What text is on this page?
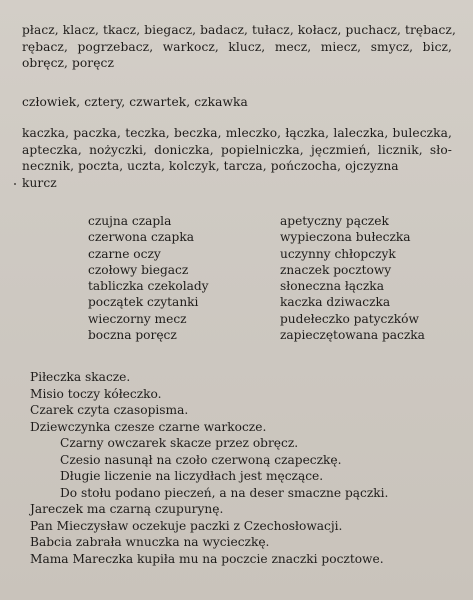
płacz, klacz, tkacz, biegacz, badacz, tułacz, kołacz, puchacz, trębacz,
rębacz, pogrzebacz, warkocz, klucz, mecz, miecz, smycz, bicz,
obręcz, poręcz
człowiek, cztery, czwartek, czkawka
kaczka, paczka, teczka, beczka, mleczko, łączka, laleczka, buleczka,
apteczka, nożyczki, doniczka, popielniczka, jęczmień, licznik, sło-
necznik, poczta, uczta, kolczyk, tarcza, pończocha, ojczyzna
kurcz
czujna czapla
czerwona czapka
czarne oczy
czołowy biegacz
tabliczka czekolady
początek czytanki
wieczorny mecz
boczna poręcz
apetyczny pączek
wypieczona bułeczka
uczynny chłopczyk
znaczek pocztowy
słoneczna łączka
kaczka dziwaczka
pudełeczko patyczków
zapieczętowana paczka
Piłeczka skacze.
Misio toczy kółeczko.
Czarek czyta czasopisma.
Dziewczynka czesze czarne warkocze.
Czarny owczarek skacze przez obręcz.
Czesio nasunął na czoło czerwoną czapeczkę.
Długie liczenie na liczydłach jest męczące.
Do stołu podano pieczeń, a na deser smaczne pączki.
Jareczek ma czarną czupurynę.
Pan Mieczysław oczekuje paczki z Czechosłowacji.
Babcia zabrała wnuczka na wycieczkę.
Mama Mareczka kupiła mu na poczcie znaczki pocztowe.
